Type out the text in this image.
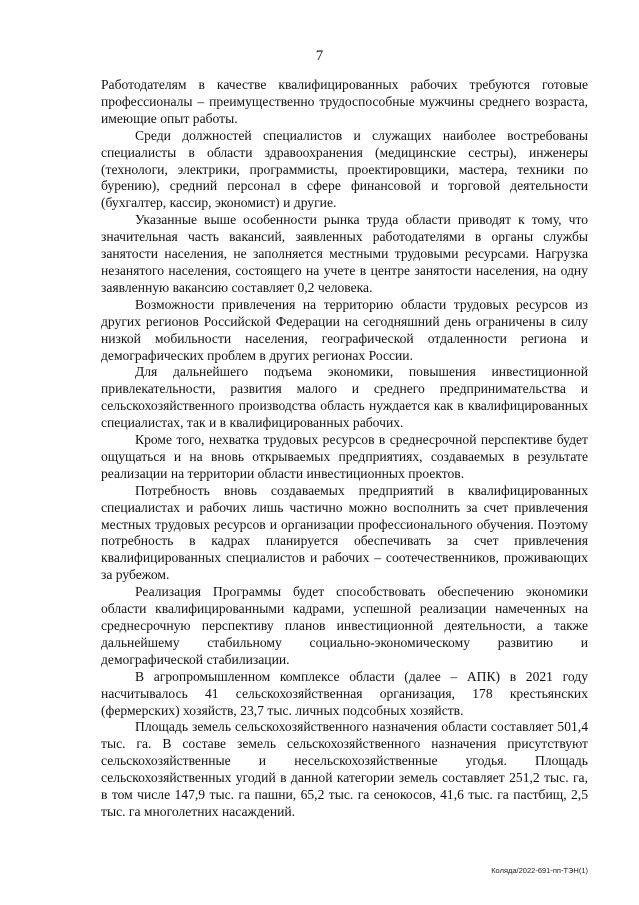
7

Работодателям в качестве квалифицированных рабочих требуются готовые профессионалы – преимущественно трудоспособные мужчины среднего возраста, имеющие опыт работы.

Среди должностей специалистов и служащих наиболее востребованы специалисты в области здравоохранения (медицинские сестры), инженеры (технологи, электрики, программисты, проектировщики, мастера, техники по бурению), средний персонал в сфере финансовой и торговой деятельности (бухгалтер, кассир, экономист) и другие.

Указанные выше особенности рынка труда области приводят к тому, что значительная часть вакансий, заявленных работодателями в органы службы занятости населения, не заполняется местными трудовыми ресурсами. Нагрузка незанятого населения, состоящего на учете в центре занятости населения, на одну заявленную вакансию составляет 0,2 человека.

Возможности привлечения на территорию области трудовых ресурсов из других регионов Российской Федерации на сегодняшний день ограничены в силу низкой мобильности населения, географической отдаленности региона и демографических проблем в других регионах России.

Для дальнейшего подъема экономики, повышения инвестиционной привлекательности, развития малого и среднего предпринимательства и сельскохозяйственного производства область нуждается как в квалифицированных специалистах, так и в квалифицированных рабочих.

Кроме того, нехватка трудовых ресурсов в среднесрочной перспективе будет ощущаться и на вновь открываемых предприятиях, создаваемых в результате реализации на территории области инвестиционных проектов.

Потребность вновь создаваемых предприятий в квалифицированных специалистах и рабочих лишь частично можно восполнить за счет привлечения местных трудовых ресурсов и организации профессионального обучения. Поэтому потребность в кадрах планируется обеспечивать за счет привлечения квалифицированных специалистов и рабочих – соотечественников, проживающих за рубежом.

Реализация Программы будет способствовать обеспечению экономики области квалифицированными кадрами, успешной реализации намеченных на среднесрочную перспективу планов инвестиционной деятельности, а также дальнейшему стабильному социально-экономическому развитию и демографической стабилизации.

В агропромышленном комплексе области (далее – АПК) в 2021 году насчитывалось 41 сельскохозяйственная организация, 178 крестьянских (фермерских) хозяйств, 23,7 тыс. личных подсобных хозяйств.

Площадь земель сельскохозяйственного назначения области составляет 501,4 тыс. га. В составе земель сельскохозяйственного назначения присутствуют сельскохозяйственные и несельскохозяйственные угодья. Площадь сельскохозяйственных угодий в данной категории земель составляет 251,2 тыс. га, в том числе 147,9 тыс. га пашни, 65,2 тыс. га сенокосов, 41,6 тыс. га пастбищ, 2,5 тыс. га многолетних насаждений.

Коляда/2022-691-пп-ТЭН(1)
